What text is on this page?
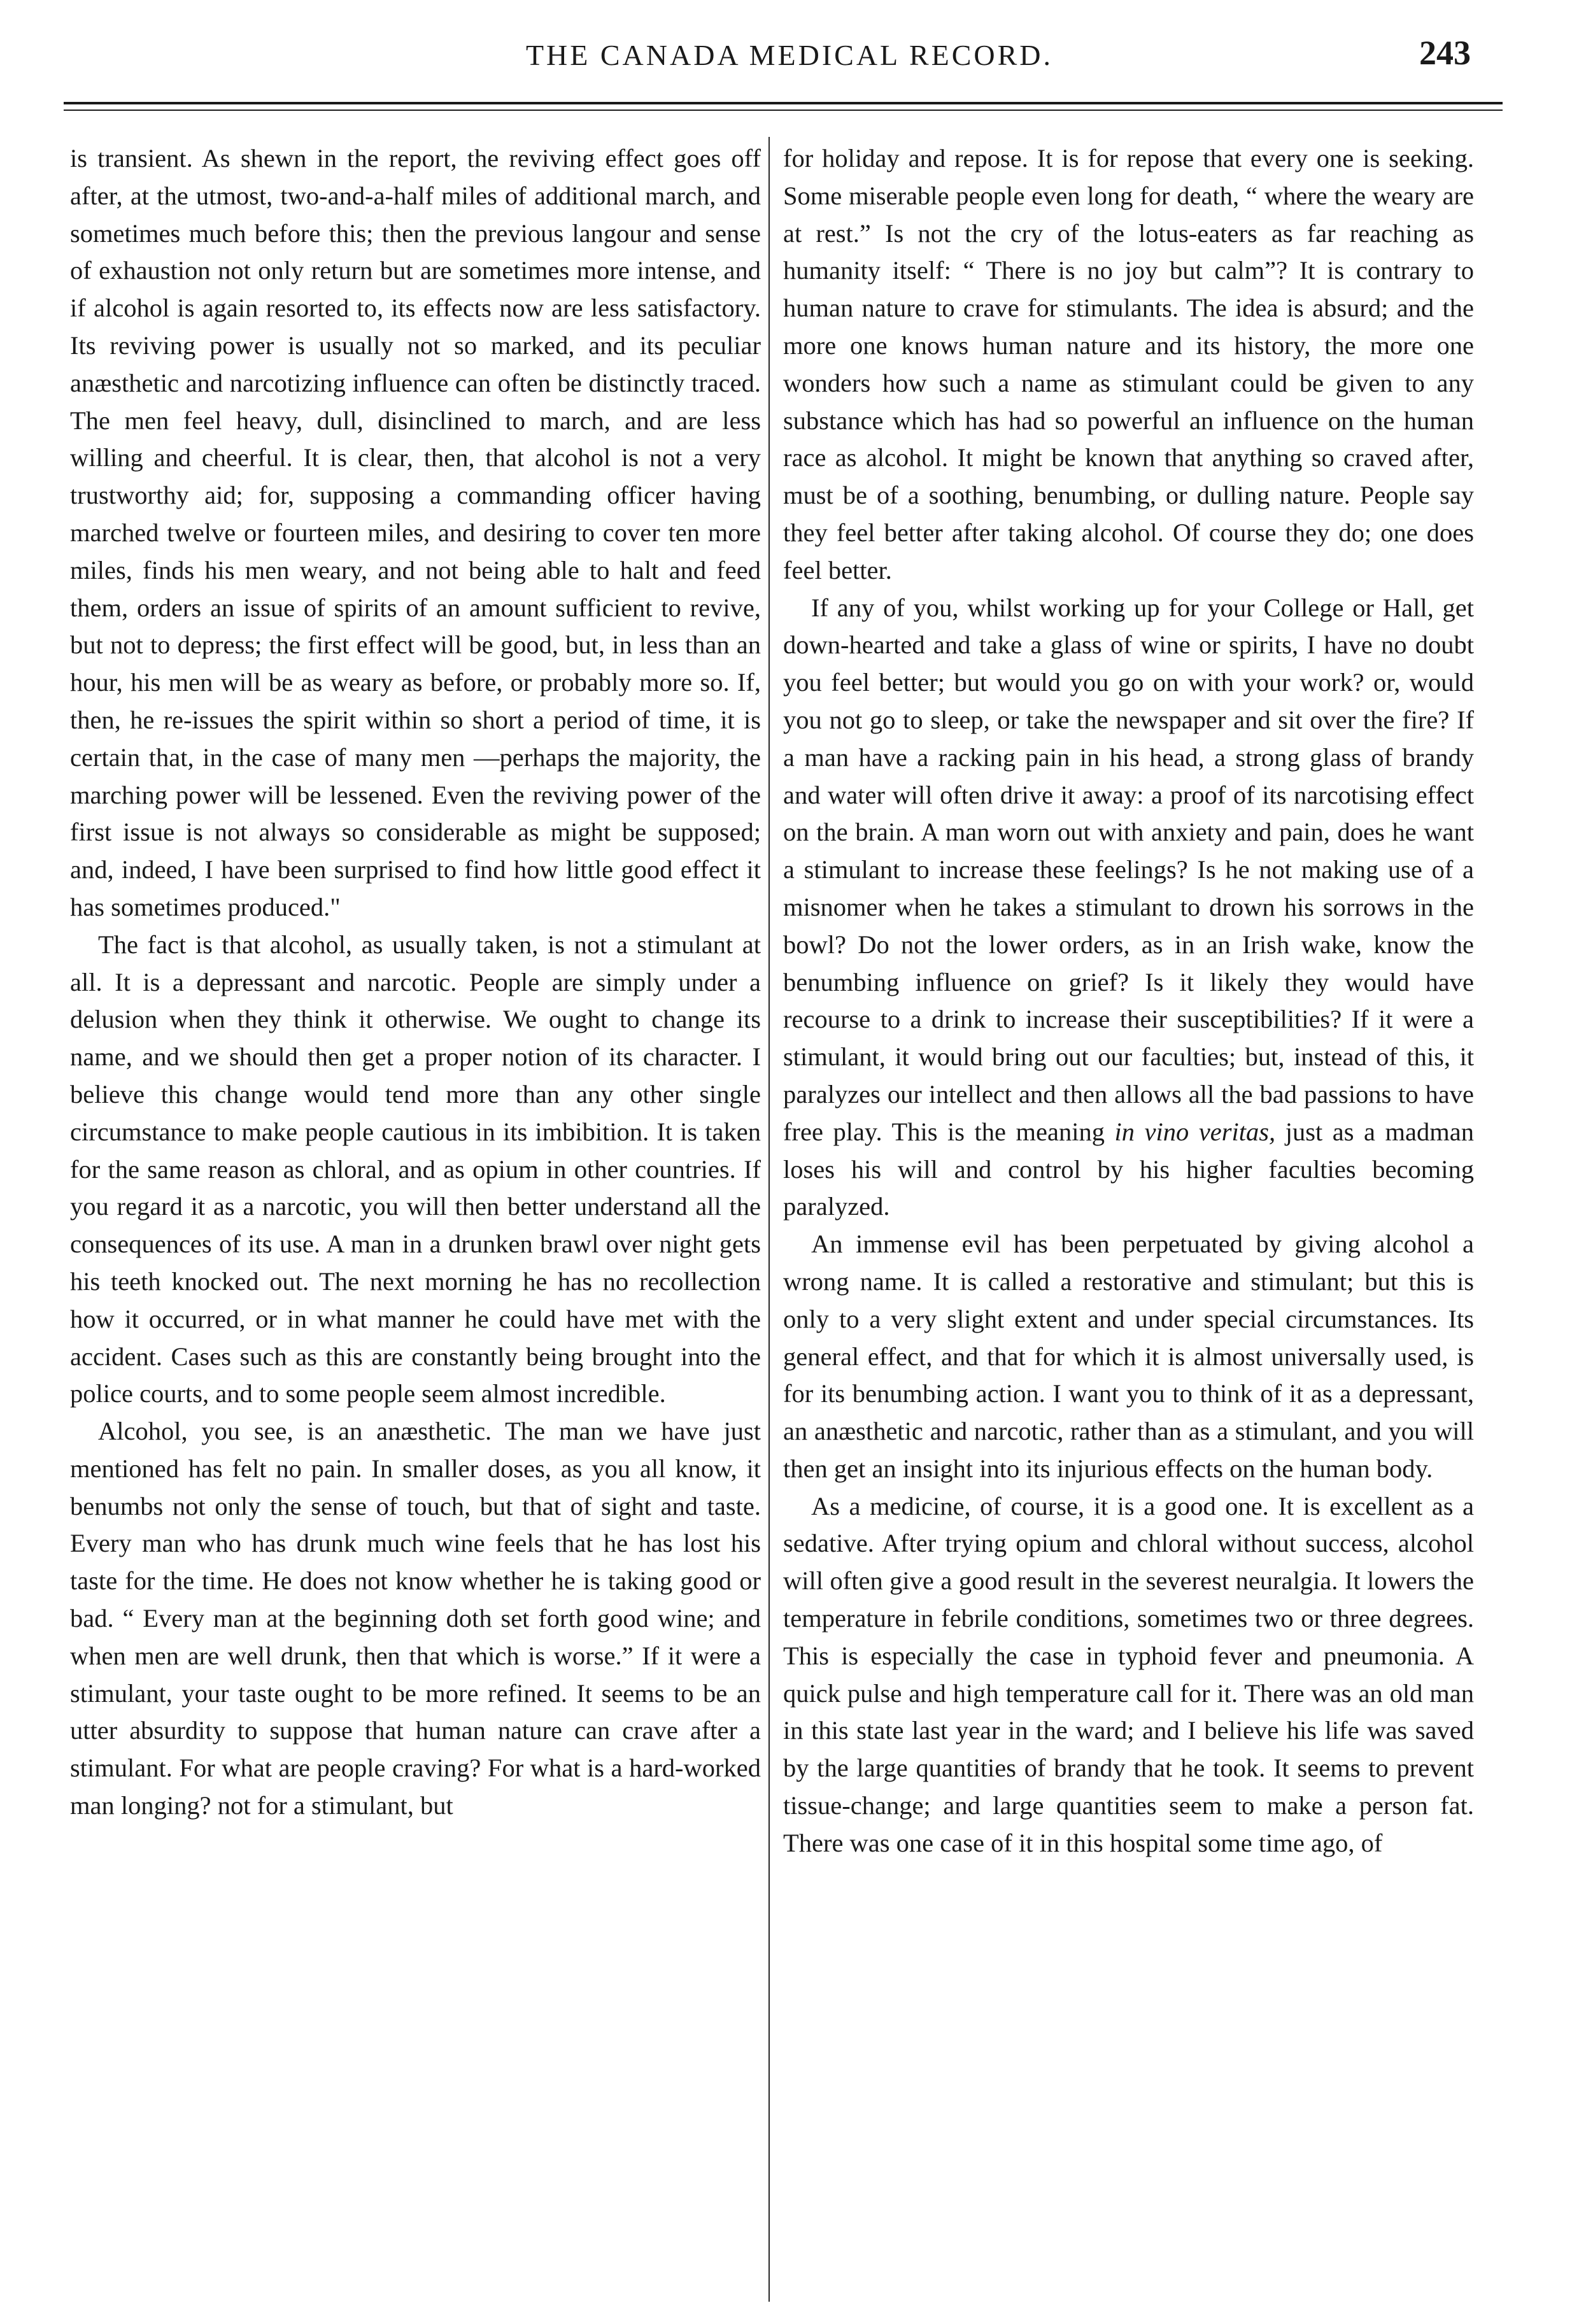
THE CANADA MEDICAL RECORD.	243

is transient. As shewn in the report, the reviving effect goes off after, at the utmost, two-and-a-half miles of additional march, and sometimes much before this; then the previous langour and sense of exhaustion not only return but are sometimes more intense, and if alcohol is again resorted to, its effects now are less satisfactory. Its reviving power is usually not so marked, and its peculiar anæsthetic and narcotizing influence can often be distinctly traced. The men feel heavy, dull, disinclined to march, and are less willing and cheerful. It is clear, then, that alcohol is not a very trustworthy aid; for, supposing a commanding officer having marched twelve or fourteen miles, and desiring to cover ten more miles, finds his men weary, and not being able to halt and feed them, orders an issue of spirits of an amount sufficient to revive, but not to depress; the first effect will be good, but, in less than an hour, his men will be as weary as before, or probably more so. If, then, he re-issues the spirit within so short a period of time, it is certain that, in the case of many men —perhaps the majority, the marching power will be lessened. Even the reviving power of the first issue is not always so considerable as might be supposed; and, indeed, I have been surprised to find how little good effect it has sometimes produced."

The fact is that alcohol, as usually taken, is not a stimulant at all. It is a depressant and narcotic. People are simply under a delusion when they think it otherwise. We ought to change its name, and we should then get a proper notion of its character. I believe this change would tend more than any other single circumstance to make people cautious in its imbibition. It is taken for the same reason as chloral, and as opium in other countries. If you regard it as a narcotic, you will then better understand all the consequences of its use. A man in a drunken brawl over night gets his teeth knocked out. The next morning he has no recollection how it occurred, or in what manner he could have met with the accident. Cases such as this are constantly being brought into the police courts, and to some people seem almost incredible.

Alcohol, you see, is an anæsthetic. The man we have just mentioned has felt no pain. In smaller doses, as you all know, it benumbs not only the sense of touch, but that of sight and taste. Every man who has drunk much wine feels that he has lost his taste for the time. He does not know whether he is taking good or bad. “ Every man at the beginning doth set forth good wine; and when men are well drunk, then that which is worse.” If it were a stimulant, your taste ought to be more refined. It seems to be an utter absurdity to suppose that human nature can crave after a stimulant. For what are people craving? For what is a hard-worked man longing? not for a stimulant, but

for holiday and repose. It is for repose that every one is seeking. Some miserable people even long for death, “ where the weary are at rest.” Is not the cry of the lotus-eaters as far reaching as humanity itself: “ There is no joy but calm”? It is contrary to human nature to crave for stimulants. The idea is absurd; and the more one knows human nature and its history, the more one wonders how such a name as stimulant could be given to any substance which has had so powerful an influence on the human race as alcohol. It might be known that anything so craved after, must be of a soothing, benumbing, or dulling nature. People say they feel better after taking alcohol. Of course they do; one does feel better.

If any of you, whilst working up for your College or Hall, get down-hearted and take a glass of wine or spirits, I have no doubt you feel better; but would you go on with your work? or, would you not go to sleep, or take the newspaper and sit over the fire? If a man have a racking pain in his head, a strong glass of brandy and water will often drive it away: a proof of its narcotising effect on the brain. A man worn out with anxiety and pain, does he want a stimulant to increase these feelings? Is he not making use of a misnomer when he takes a stimulant to drown his sorrows in the bowl? Do not the lower orders, as in an Irish wake, know the benumbing influence on grief? Is it likely they would have recourse to a drink to increase their susceptibilities? If it were a stimulant, it would bring out our faculties; but, instead of this, it paralyzes our intellect and then allows all the bad passions to have free play. This is the meaning in vino veritas, just as a madman loses his will and control by his higher faculties becoming paralyzed.

An immense evil has been perpetuated by giving alcohol a wrong name. It is called a restorative and stimulant; but this is only to a very slight extent and under special circumstances. Its general effect, and that for which it is almost universally used, is for its benumbing action. I want you to think of it as a depressant, an anæsthetic and narcotic, rather than as a stimulant, and you will then get an insight into its injurious effects on the human body.

As a medicine, of course, it is a good one. It is excellent as a sedative. After trying opium and chloral without success, alcohol will often give a good result in the severest neuralgia. It lowers the temperature in febrile conditions, sometimes two or three degrees. This is especially the case in typhoid fever and pneumonia. A quick pulse and high temperature call for it. There was an old man in this state last year in the ward; and I believe his life was saved by the large quantities of brandy that he took. It seems to prevent tissue-change; and large quantities seem to make a person fat. There was one case of it in this hospital some time ago, of
